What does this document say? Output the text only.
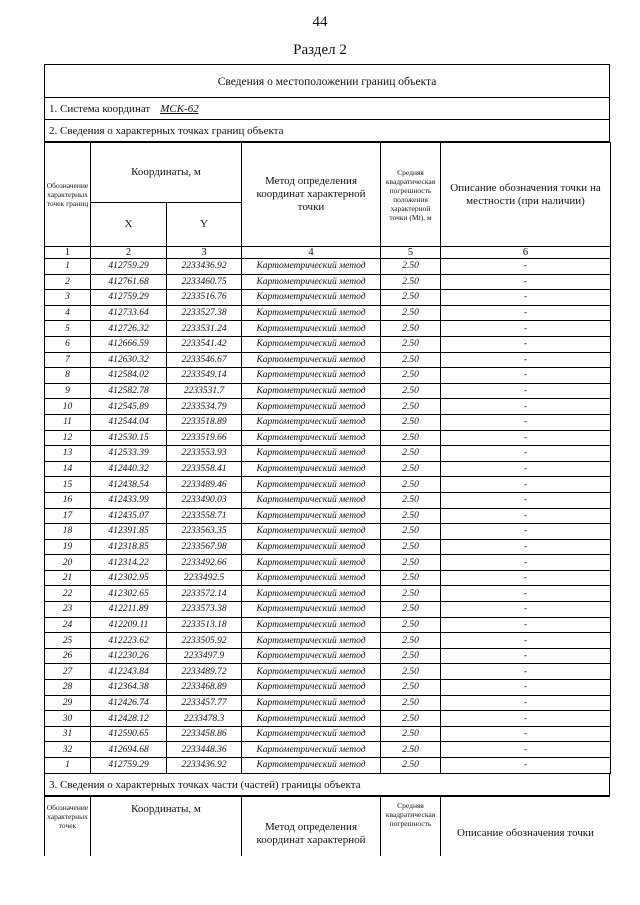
44
Раздел 2
Сведения о местоположении границ объекта
1. Система координат МСК-62
2. Сведения о характерных точках границ объекта
Обозначение характерных точек границ	Координаты, м		Метод определения координат характерной точки	Средняя квадратическая погрешность положения характерной точки (Мt), м	Описание обозначения точки на местности (при наличии)
	X	Y			
1	2	3	4	5	6
1	412759.29	2233436.92	Картометрический метод	2.50	-
2	412761.68	2233460.75	Картометрический метод	2.50	-
3	412759.29	2233516.76	Картометрический метод	2.50	-
4	412733.64	2233527.38	Картометрический метод	2.50	-
5	412726.32	2233531.24	Картометрический метод	2.50	-
6	412666.59	2233541.42	Картометрический метод	2.50	-
7	412630.32	2233546.67	Картометрический метод	2.50	-
8	412584.02	2233549.14	Картометрический метод	2.50	-
9	412582.78	2233531.7	Картометрический метод	2.50	-
10	412545.89	2233534.79	Картометрический метод	2.50	-
11	412544.04	2233518.89	Картометрический метод	2.50	-
12	412530.15	2233519.66	Картометрический метод	2.50	-
13	412533.39	2233553.93	Картометрический метод	2.50	-
14	412440.32	2233558.41	Картометрический метод	2.50	-
15	412438.54	2233489.46	Картометрический метод	2.50	-
16	412433.99	2233490.03	Картометрический метод	2.50	-
17	412435.07	2233558.71	Картометрический метод	2.50	-
18	412391.85	2233563.35	Картометрический метод	2.50	-
19	412318.85	2233567.98	Картометрический метод	2.50	-
20	412314.22	2233492.66	Картометрический метод	2.50	-
21	412302.95	2233492.5	Картометрический метод	2.50	-
22	412302.65	2233572.14	Картометрический метод	2.50	-
23	412211.89	2233573.38	Картометрический метод	2.50	-
24	412209.11	2233513.18	Картометрический метод	2.50	-
25	412223.62	2233505.92	Картометрический метод	2.50	-
26	412230.26	2233497.9	Картометрический метод	2.50	-
27	412243.84	2233489.72	Картометрический метод	2.50	-
28	412364.38	2233468.89	Картометрический метод	2.50	-
29	412426.74	2233457.77	Картометрический метод	2.50	-
30	412428.12	2233478.3	Картометрический метод	2.50	-
31	412590.65	2233458.86	Картометрический метод	2.50	-
32	412694.68	2233448.36	Картометрический метод	2.50	-
1	412759.29	2233436.92	Картометрический метод	2.50	-
3. Сведения о характерных точках части (частей) границы объекта
Обозначение характерных точек	Координаты, м	Метод определения координат характерной	Средняя квадратическая погрешность	Описание обозначения точки
